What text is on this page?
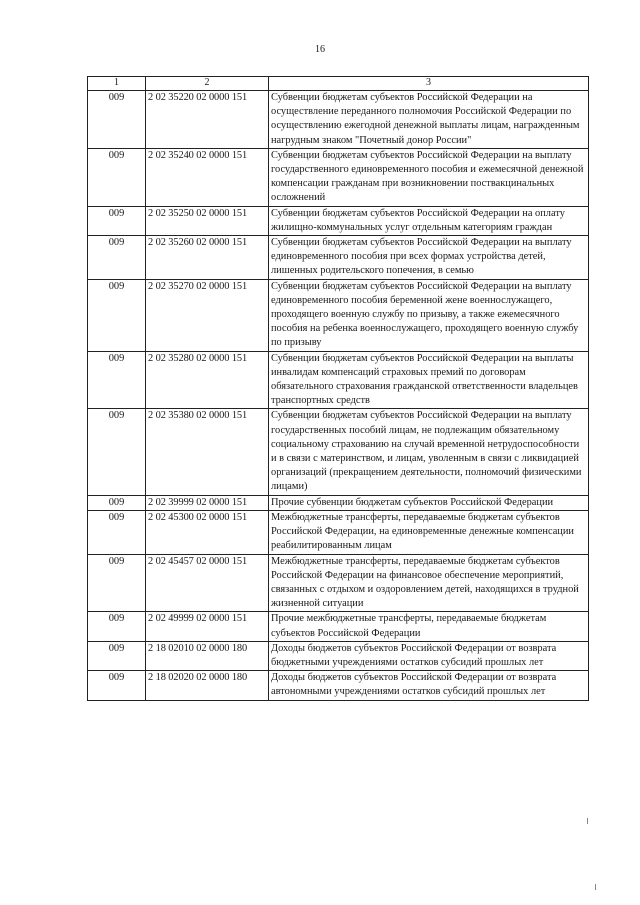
16
1	2	3
009	2 02 35220 02 0000 151	Субвенции бюджетам субъектов Российской Федерации на осуществление переданного полномочия Российской Федерации по осуществлению ежегодной денежной выплаты лицам, награжденным нагрудным знаком "Почетный донор России"
009	2 02 35240 02 0000 151	Субвенции бюджетам субъектов Российской Федерации на выплату государственного единовременного пособия и ежемесячной денежной компенсации гражданам при возникновении поствакцинальных осложнений
009	2 02 35250 02 0000 151	Субвенции бюджетам субъектов Российской Федерации на оплату жилищно-коммунальных услуг отдельным категориям граждан
009	2 02 35260 02 0000 151	Субвенции бюджетам субъектов Российской Федерации на выплату единовременного пособия при всех формах устройства детей, лишенных родительского попечения, в семью
009	2 02 35270 02 0000 151	Субвенции бюджетам субъектов Российской Федерации на выплату единовременного пособия беременной жене военнослужащего, проходящего военную службу по призыву, а также ежемесячного пособия на ребенка военнослужащего, проходящего военную службу по призыву
009	2 02 35280 02 0000 151	Субвенции бюджетам субъектов Российской Федерации на выплаты инвалидам компенсаций страховых премий по договорам обязательного страхования гражданской ответственности владельцев транспортных средств
009	2 02 35380 02 0000 151	Субвенции бюджетам субъектов Российской Федерации на выплату государственных пособий лицам, не подлежащим обязательному социальному страхованию на случай временной нетрудоспособности и в связи с материнством, и лицам, уволенным в связи с ликвидацией организаций (прекращением деятельности, полномочий физическими лицами)
009	2 02 39999 02 0000 151	Прочие субвенции бюджетам субъектов Российской Федерации
009	2 02 45300 02 0000 151	Межбюджетные трансферты, передаваемые бюджетам субъектов Российской Федерации, на единовременные денежные компенсации реабилитированным лицам
009	2 02 45457 02 0000 151	Межбюджетные трансферты, передаваемые бюджетам субъектов Российской Федерации на финансовое обеспечение мероприятий, связанных с отдыхом и оздоровлением детей, находящихся в трудной жизненной ситуации
009	2 02 49999 02 0000 151	Прочие межбюджетные трансферты, передаваемые бюджетам субъектов Российской Федерации
009	2 18 02010 02 0000 180	Доходы бюджетов субъектов Российской Федерации от возврата бюджетными учреждениями остатков субсидий прошлых лет
009	2 18 02020 02 0000 180	Доходы бюджетов субъектов Российской Федерации от возврата автономными учреждениями остатков субсидий прошлых лет
